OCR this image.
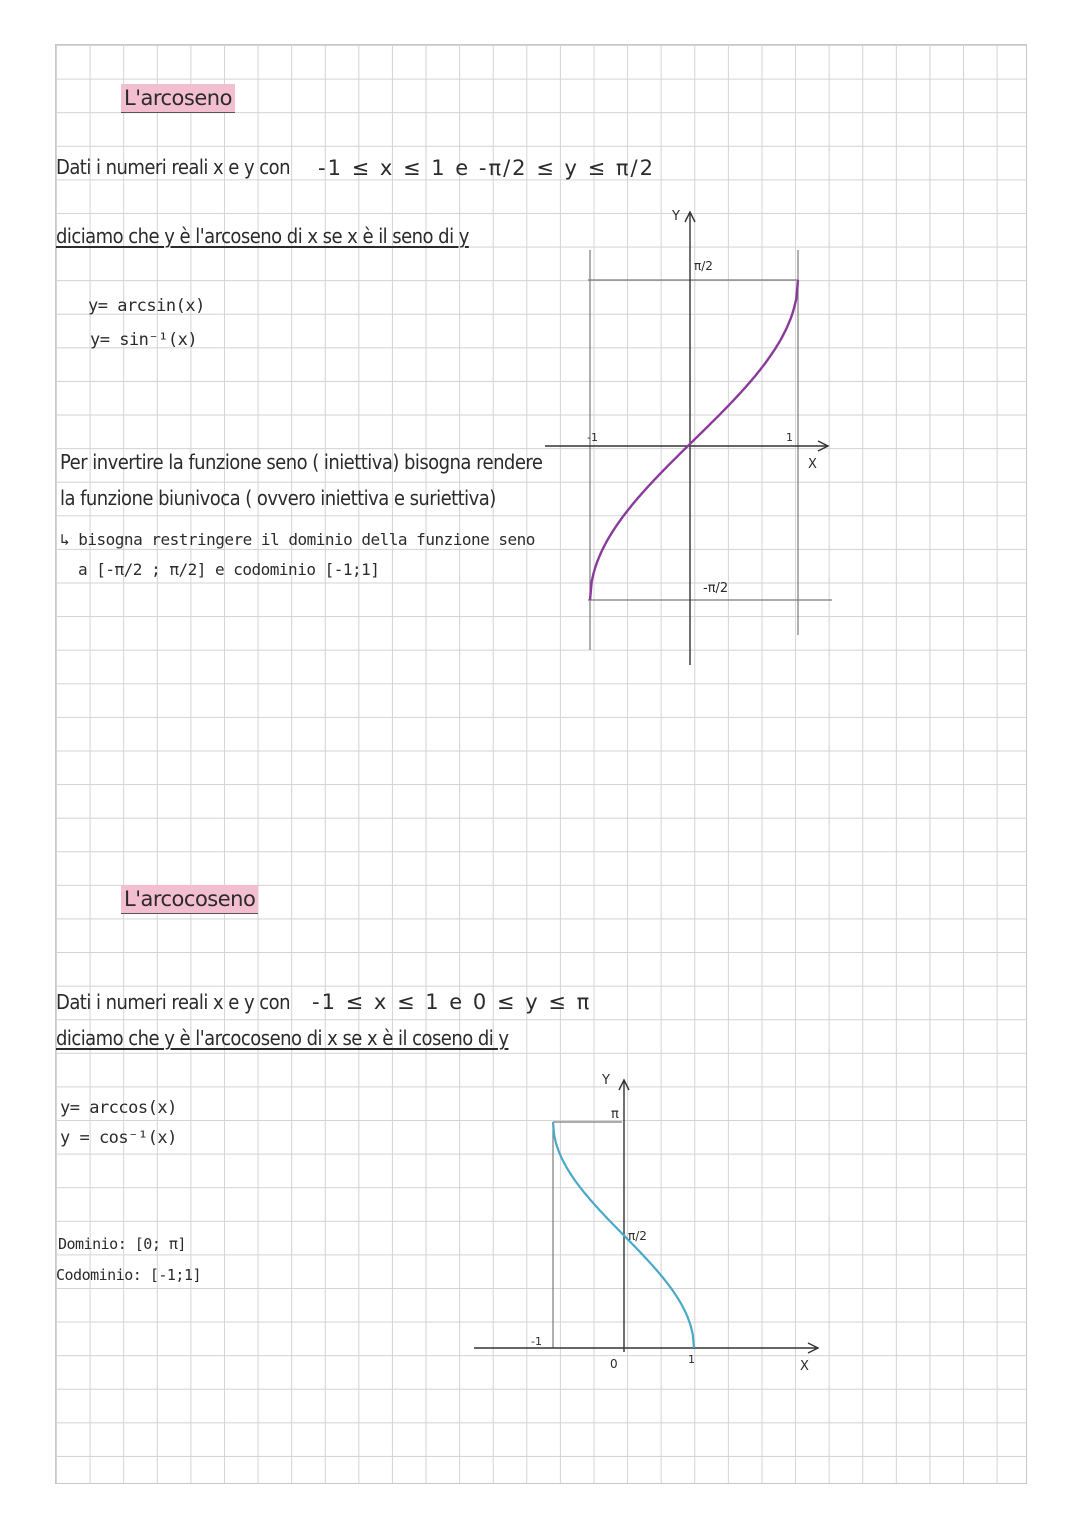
L'arcoseno
Dati i numeri reali x e y con	-1 ≤ x ≤ 1 e -π/2 ≤ y ≤ π/2
diciamo che y è l'arcoseno di x se x è il seno di y
y= arcsin(x)
y= sin⁻¹(x)
Per invertire la funzione seno ( iniettiva) bisogna rendere
la funzione biunivoca ( ovvero iniettiva e suriettiva)
↳ bisogna restringere il dominio della funzione seno
a [-π/2 ; π/2] e codominio [-1;1]
Y
X
π/2
-π/2
-1	1
L'arcocoseno
Dati i numeri reali x e y con	-1 ≤ x ≤ 1 e 0 ≤ y ≤ π
diciamo che y è l'arcocoseno di x se x è il coseno di y
y= arccos(x)
y = cos⁻¹(x)
Dominio: [0; π]
Codominio: [-1;1]
Y
X
π
π/2
-1
0	1
